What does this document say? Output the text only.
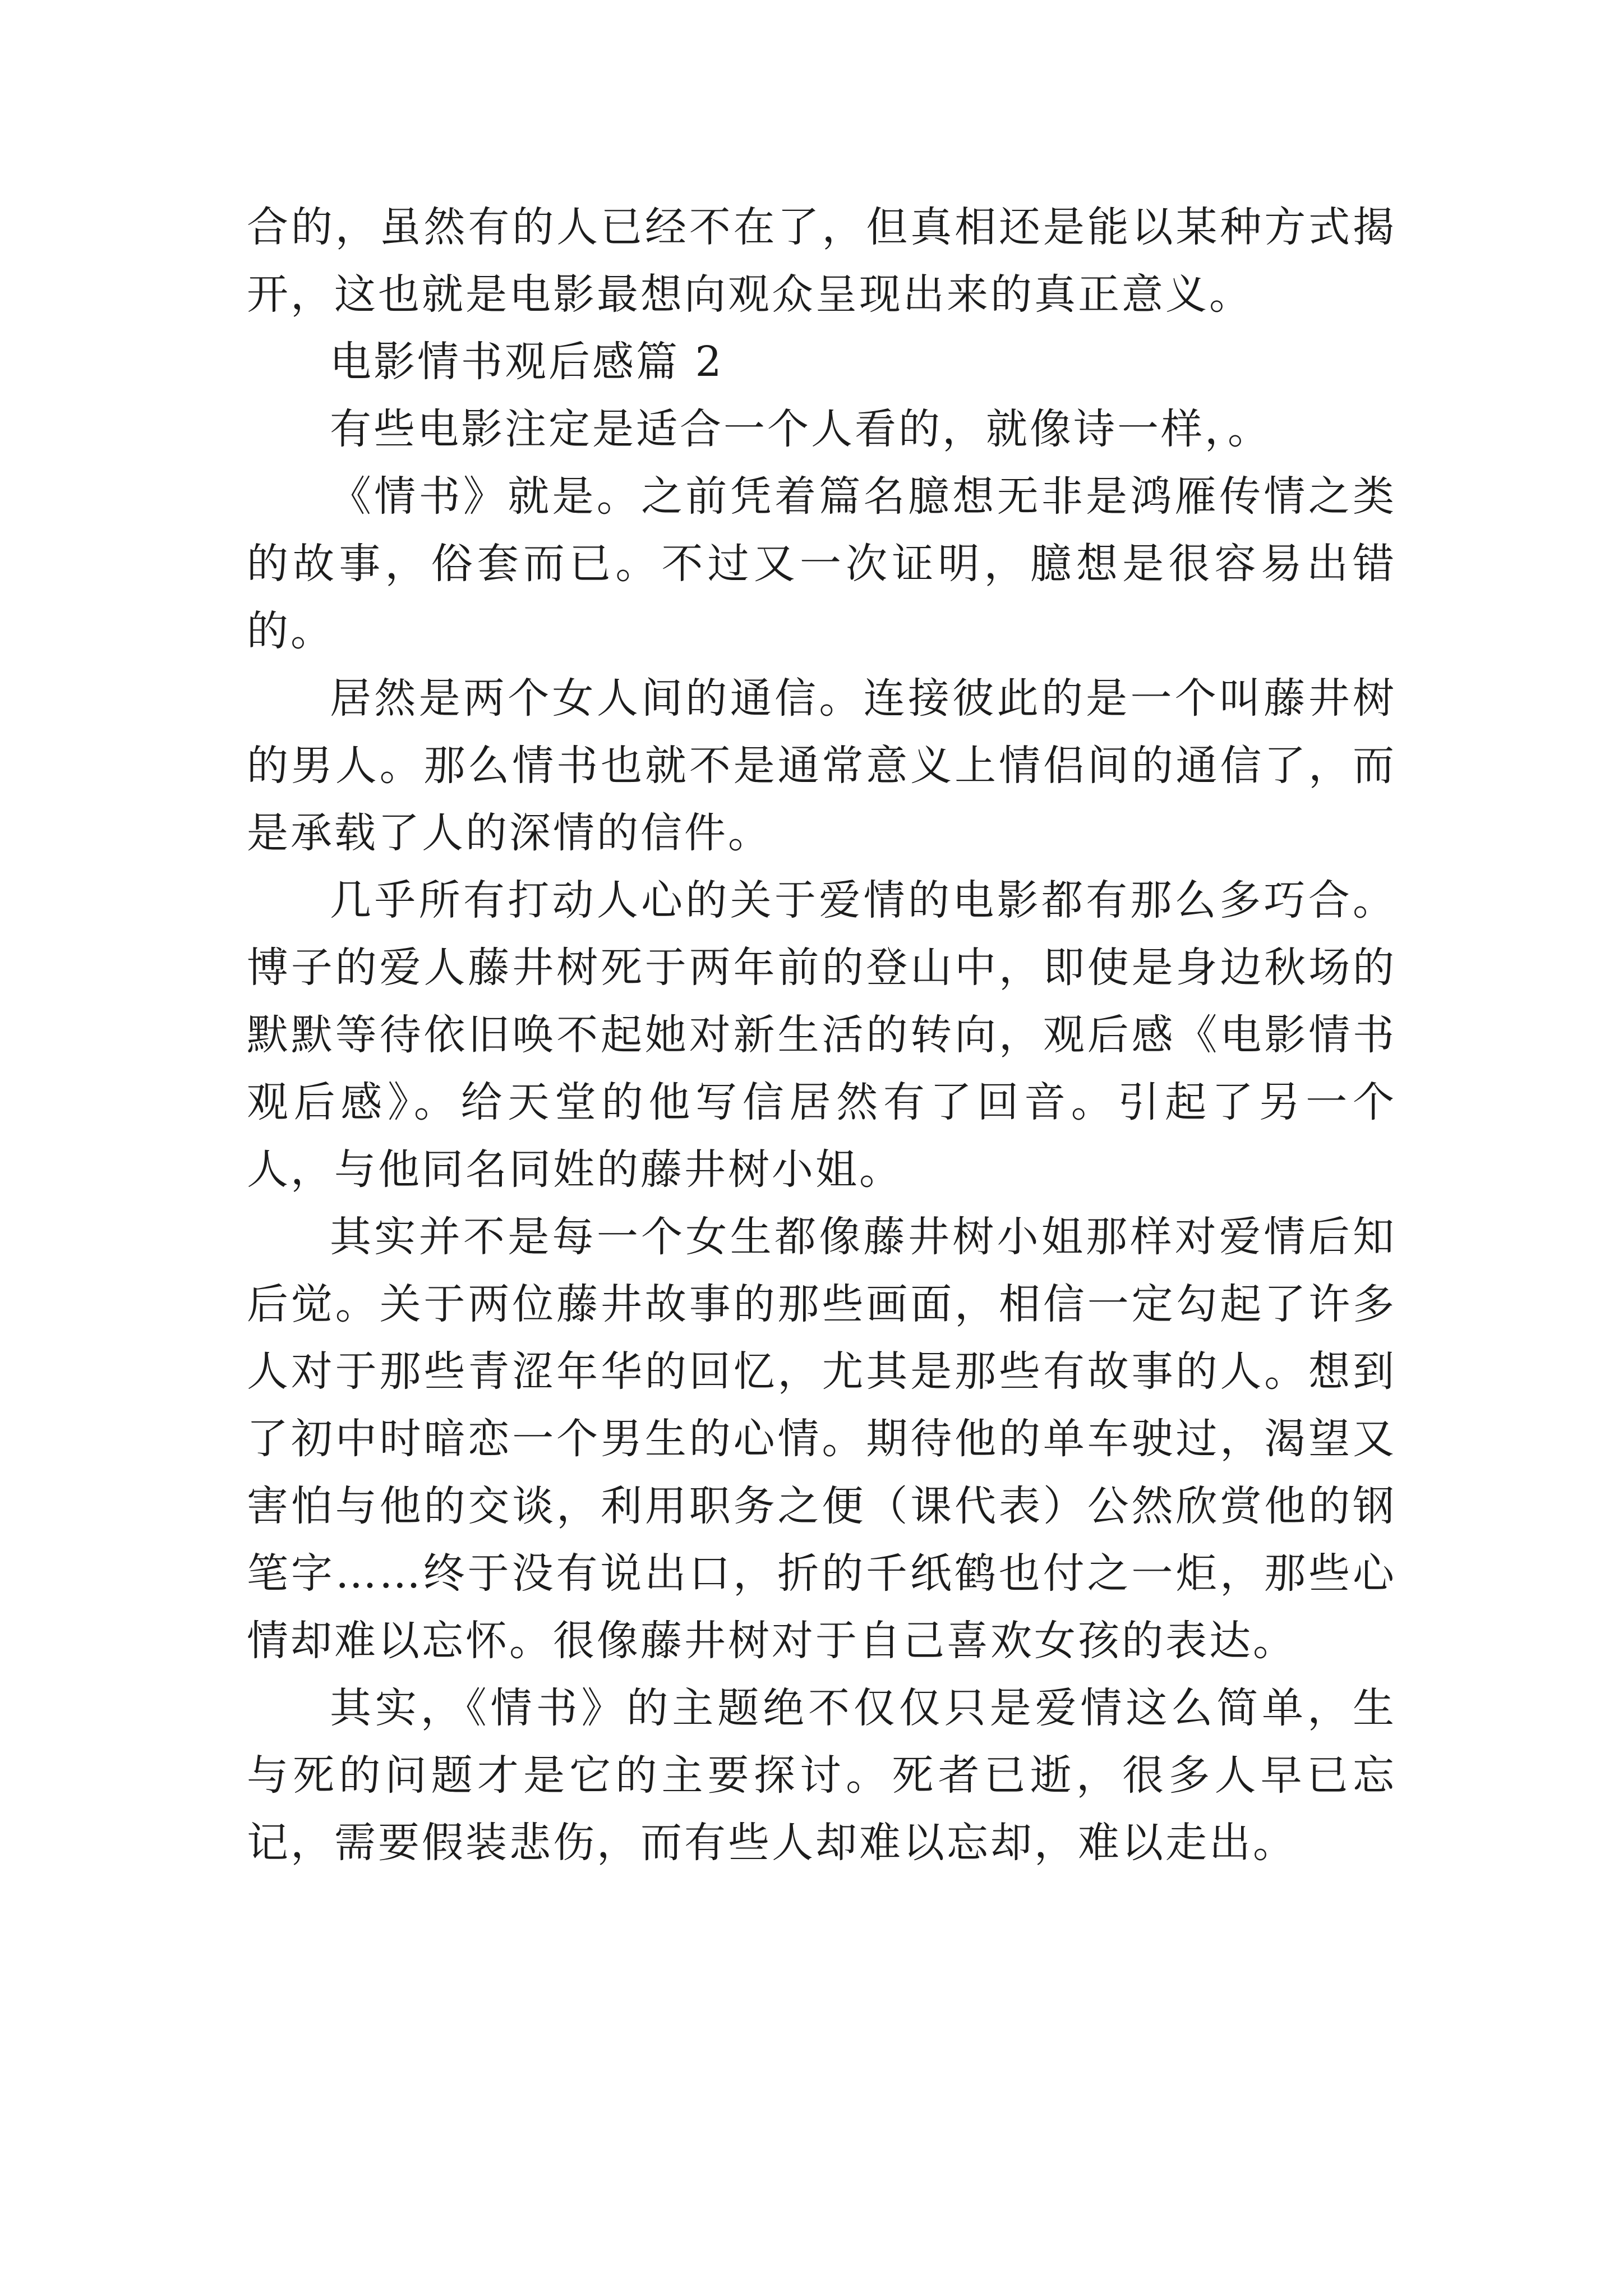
合的，虽然有的人已经不在了，但真相还是能以某种方式揭开，这也就是电影最想向观众呈现出来的真正意义。

电影情书观后感篇 2

有些电影注定是适合一个人看的，就像诗一样，。

《情书》就是。之前凭着篇名臆想无非是鸿雁传情之类的故事，俗套而已。不过又一次证明，臆想是很容易出错的。

居然是两个女人间的通信。连接彼此的是一个叫藤井树的男人。那么情书也就不是通常意义上情侣间的通信了，而是承载了人的深情的信件。

几乎所有打动人心的关于爱情的电影都有那么多巧合。博子的爱人藤井树死于两年前的登山中，即使是身边秋场的默默等待依旧唤不起她对新生活的转向，观后感《电影情书观后感》。给天堂的他写信居然有了回音。引起了另一个人，与他同名同姓的藤井树小姐。

其实并不是每一个女生都像藤井树小姐那样对爱情后知后觉。关于两位藤井故事的那些画面，相信一定勾起了许多人对于那些青涩年华的回忆，尤其是那些有故事的人。想到了初中时暗恋一个男生的心情。期待他的单车驶过，渴望又害怕与他的交谈，利用职务之便（课代表）公然欣赏他的钢笔字……终于没有说出口，折的千纸鹤也付之一炬，那些心情却难以忘怀。很像藤井树对于自己喜欢女孩的表达。

其实，《情书》的主题绝不仅仅只是爱情这么简单，生与死的问题才是它的主要探讨。死者已逝，很多人早已忘记，需要假装悲伤，而有些人却难以忘却，难以走出。
